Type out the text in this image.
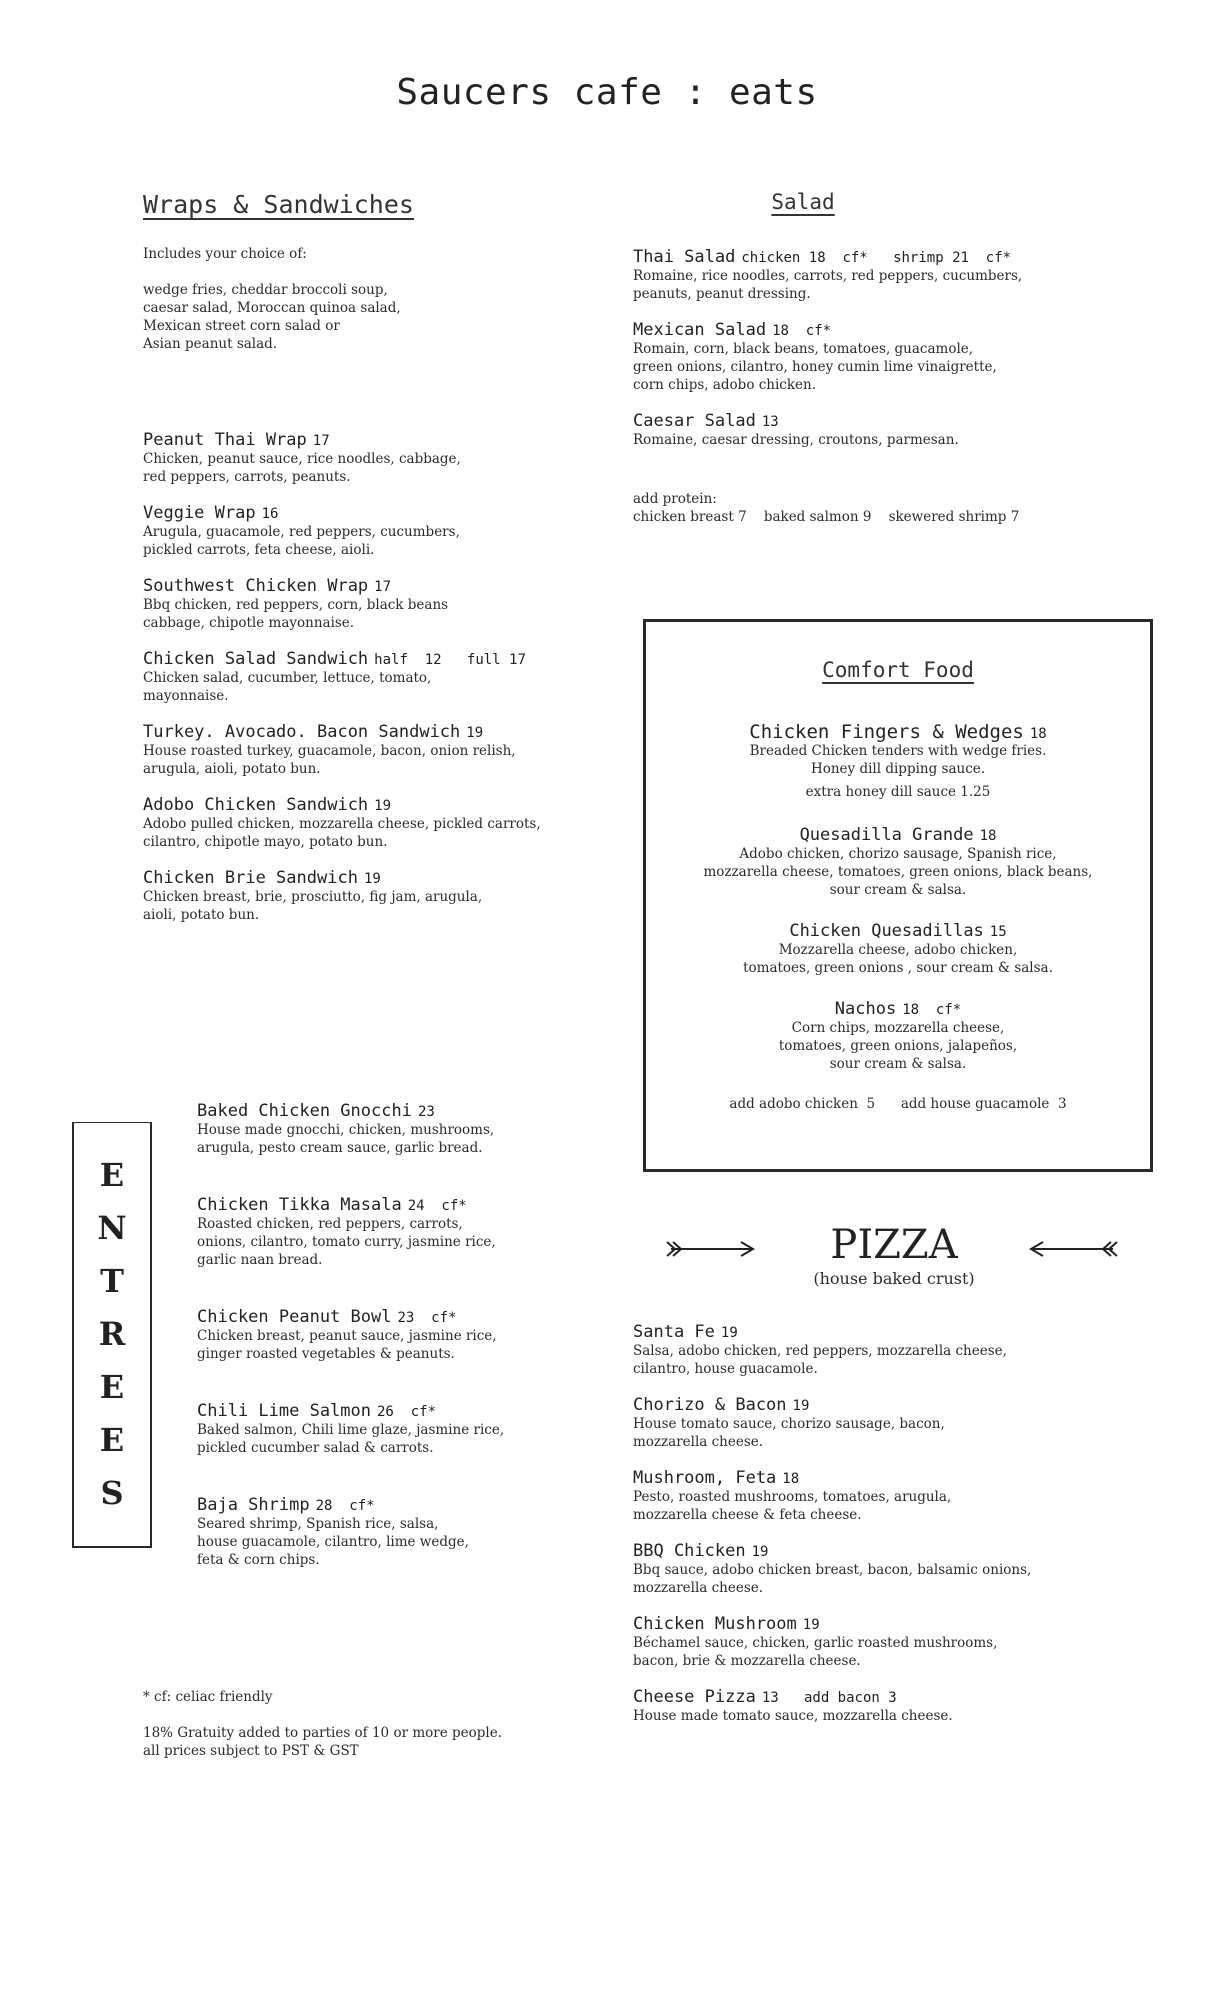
Saucers cafe : eats
Wraps & Sandwiches
Includes your choice of:
wedge fries, cheddar broccoli soup,
caesar salad, Moroccan quinoa salad,
Mexican street corn salad or
Asian peanut salad.
Peanut Thai Wrap 17
Chicken, peanut sauce, rice noodles, cabbage,
red peppers, carrots, peanuts.
Veggie Wrap 16
Arugula, guacamole, red peppers, cucumbers,
pickled carrots, feta cheese, aioli.
Southwest Chicken Wrap 17
Bbq chicken, red peppers, corn, black beans
cabbage, chipotle mayonnaise.
Chicken Salad Sandwich half  12   full 17
Chicken salad, cucumber, lettuce, tomato,
mayonnaise.
Turkey. Avocado. Bacon Sandwich 19
House roasted turkey, guacamole, bacon, onion relish,
arugula, aioli, potato bun.
Adobo Chicken Sandwich 19
Adobo pulled chicken, mozzarella cheese, pickled carrots,
cilantro, chipotle mayo, potato bun.
Chicken Brie Sandwich 19
Chicken breast, brie, prosciutto, fig jam, arugula,
aioli, potato bun.
Salad
Thai Salad chicken 18  cf*   shrimp 21  cf*
Romaine, rice noodles, carrots, red peppers, cucumbers,
peanuts, peanut dressing.
Mexican Salad 18  cf*
Romain, corn, black beans, tomatoes, guacamole,
green onions, cilantro, honey cumin lime vinaigrette,
corn chips, adobo chicken.
Caesar Salad 13
Romaine, caesar dressing, croutons, parmesan.
add protein:
chicken breast 7    baked salmon 9    skewered shrimp 7
Comfort Food
Chicken Fingers & Wedges 18
Breaded Chicken tenders with wedge fries.
Honey dill dipping sauce.
extra honey dill sauce 1.25
Quesadilla Grande 18
Adobo chicken, chorizo sausage, Spanish rice,
mozzarella cheese, tomatoes, green onions, black beans,
sour cream & salsa.
Chicken Quesadillas 15
Mozzarella cheese, adobo chicken,
tomatoes, green onions , sour cream & salsa.
Nachos 18  cf*
Corn chips, mozzarella cheese,
tomatoes, green onions, jalapeños,
sour cream & salsa.
add adobo chicken  5      add house guacamole  3
E
N
T
R
E
E
S
Baked Chicken Gnocchi 23
House made gnocchi, chicken, mushrooms,
arugula, pesto cream sauce, garlic bread.
Chicken Tikka Masala 24  cf*
Roasted chicken, red peppers, carrots,
onions, cilantro, tomato curry, jasmine rice,
garlic naan bread.
Chicken Peanut Bowl 23  cf*
Chicken breast, peanut sauce, jasmine rice,
ginger roasted vegetables & peanuts.
Chili Lime Salmon 26  cf*
Baked salmon, Chili lime glaze, jasmine rice,
pickled cucumber salad & carrots.
Baja Shrimp 28  cf*
Seared shrimp, Spanish rice, salsa,
house guacamole, cilantro, lime wedge,
feta & corn chips.
PIZZA
(house baked crust)
Santa Fe 19
Salsa, adobo chicken, red peppers, mozzarella cheese,
cilantro, house guacamole.
Chorizo & Bacon 19
House tomato sauce, chorizo sausage, bacon,
mozzarella cheese.
Mushroom, Feta 18
Pesto, roasted mushrooms, tomatoes, arugula,
mozzarella cheese & feta cheese.
BBQ Chicken 19
Bbq sauce, adobo chicken breast, bacon, balsamic onions,
mozzarella cheese.
Chicken Mushroom 19
Béchamel sauce, chicken, garlic roasted mushrooms,
bacon, brie & mozzarella cheese.
Cheese Pizza 13   add bacon 3
House made tomato sauce, mozzarella cheese.
* cf: celiac friendly
18% Gratuity added to parties of 10 or more people.
all prices subject to PST & GST
